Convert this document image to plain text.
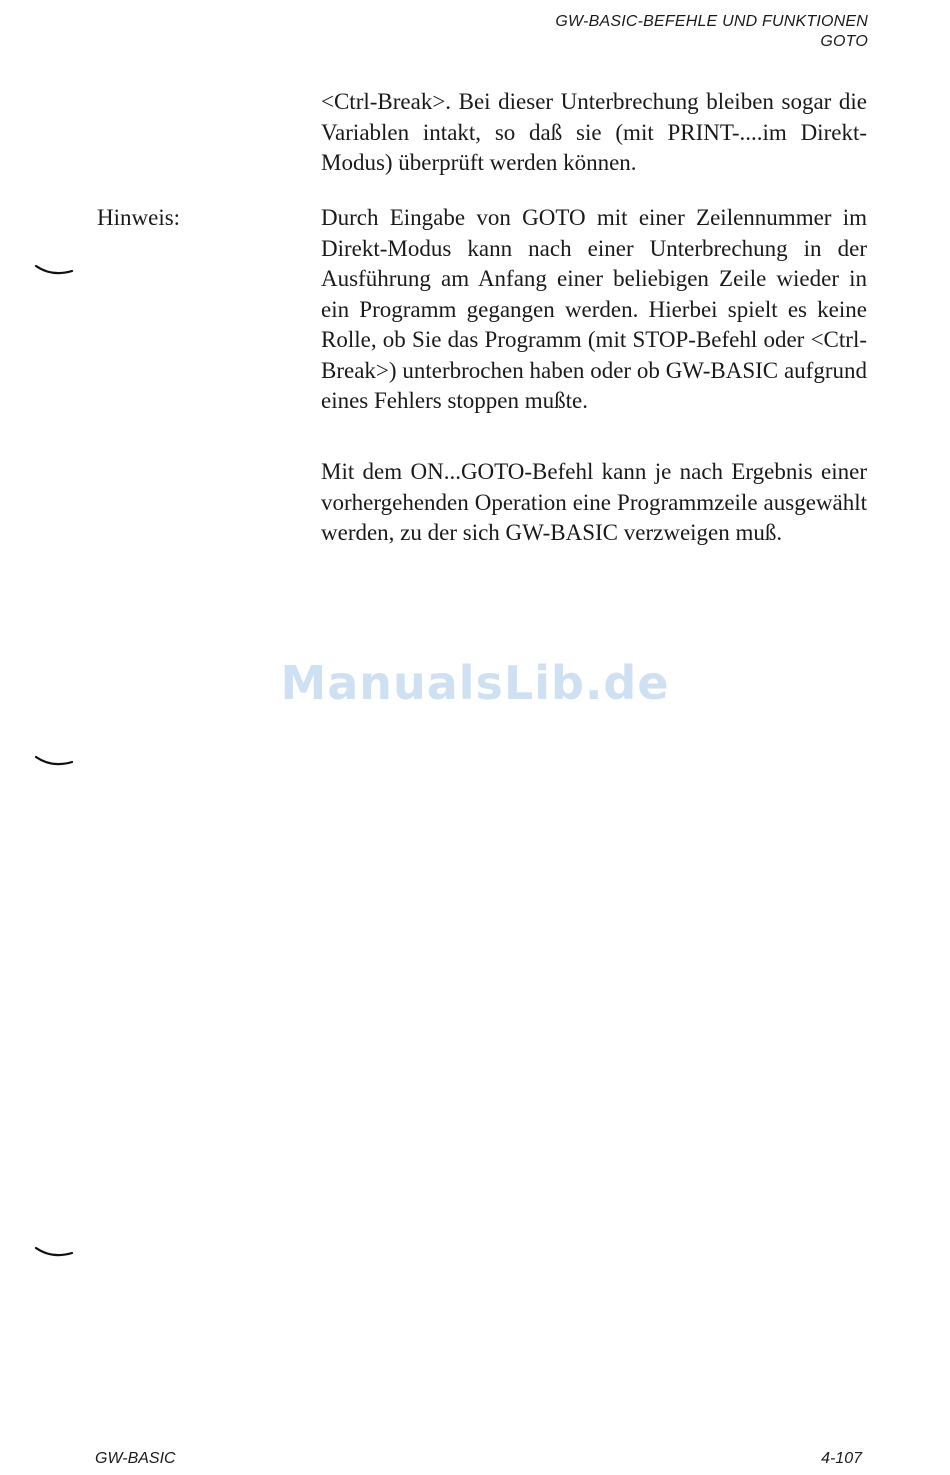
GW-BASIC-BEFEHLE UND FUNKTIONEN
GOTO

<Ctrl-Break>. Bei dieser Unterbrechung bleiben sogar die Variablen intakt, so daß sie (mit PRINT-....im Direkt-Modus) überprüft werden können.

Hinweis:	Durch Eingabe von GOTO mit einer Zeilennummer im Direkt-Modus kann nach einer Unterbrechung in der Ausführung am Anfang einer beliebigen Zeile wieder in ein Programm gegangen werden. Hierbei spielt es keine Rolle, ob Sie das Programm (mit STOP-Befehl oder <Ctrl-Break>) unterbrochen haben oder ob GW-BASIC aufgrund eines Fehlers stoppen mußte.

Mit dem ON...GOTO-Befehl kann je nach Ergebnis einer vorhergehenden Operation eine Programmzeile ausgewählt werden, zu der sich GW-BASIC verzweigen muß.

ManualsLib.de
GW-BASIC	4-107
